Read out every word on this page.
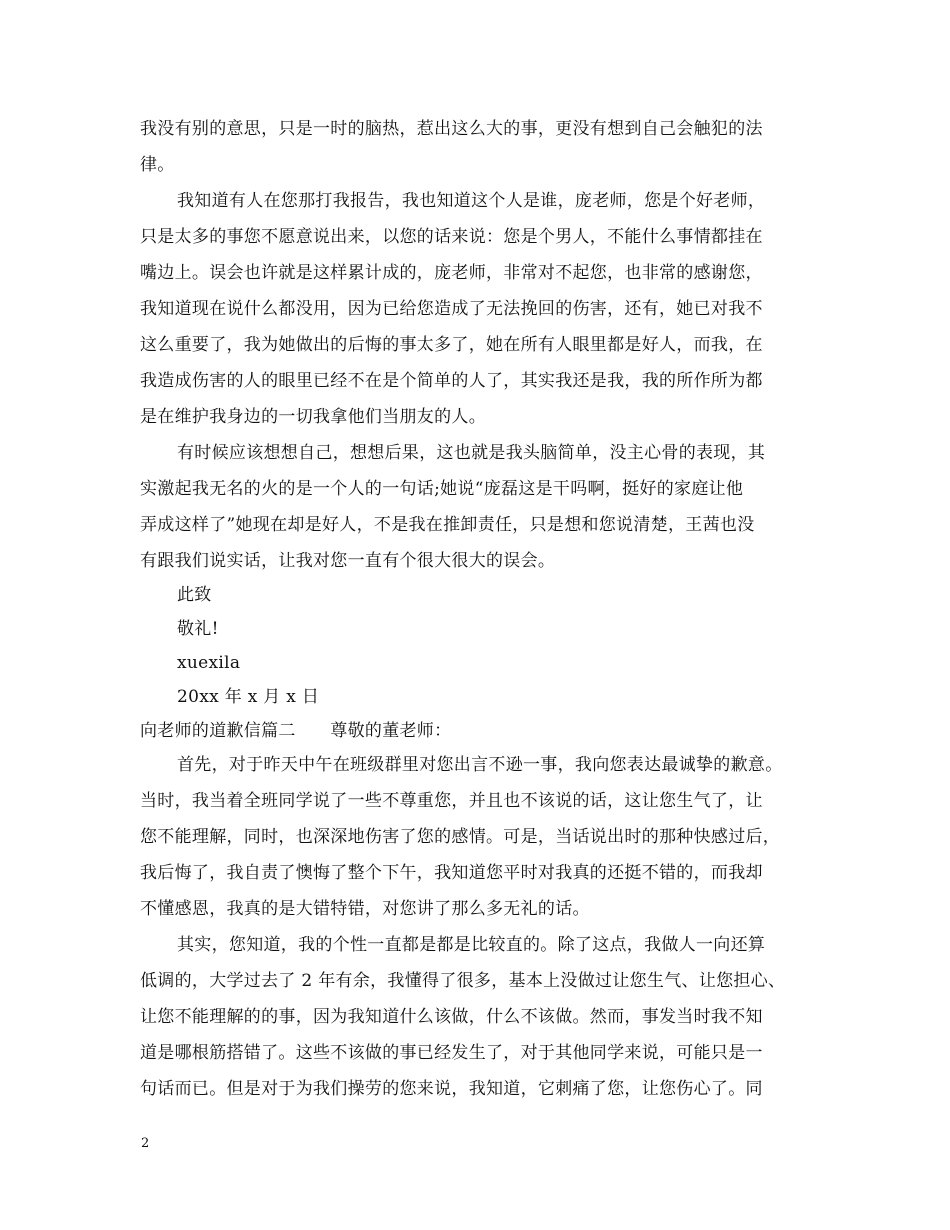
我没有别的意思，只是一时的脑热，惹出这么大的事，更没有想到自己会触犯的法
律。
我知道有人在您那打我报告，我也知道这个人是谁，庞老师，您是个好老师，
只是太多的事您不愿意说出来，以您的话来说：您是个男人，不能什么事情都挂在
嘴边上。误会也许就是这样累计成的，庞老师，非常对不起您，也非常的感谢您，
我知道现在说什么都没用，因为已给您造成了无法挽回的伤害，还有，她已对我不
这么重要了，我为她做出的后悔的事太多了，她在所有人眼里都是好人，而我，在
我造成伤害的人的眼里已经不在是个简单的人了，其实我还是我，我的所作所为都
是在维护我身边的一切我拿他们当朋友的人。
有时候应该想想自己，想想后果，这也就是我头脑简单，没主心骨的表现，其
实激起我无名的火的是一个人的一句话;她说“庞磊这是干吗啊，挺好的家庭让他
弄成这样了”她现在却是好人，不是我在推卸责任，只是想和您说清楚，王茜也没
有跟我们说实话，让我对您一直有个很大很大的误会。
此致
敬礼!
xuexila
20xx 年 x 月 x 日
向老师的道歉信篇二　　尊敬的董老师：
首先，对于昨天中午在班级群里对您出言不逊一事，我向您表达最诚挚的歉意。
当时，我当着全班同学说了一些不尊重您，并且也不该说的话，这让您生气了，让
您不能理解，同时，也深深地伤害了您的感情。可是，当话说出时的那种快感过后，
我后悔了，我自责了懊悔了整个下午，我知道您平时对我真的还挺不错的，而我却
不懂感恩，我真的是大错特错，对您讲了那么多无礼的话。
其实，您知道，我的个性一直都是都是比较直的。除了这点，我做人一向还算
低调的，大学过去了 2 年有余，我懂得了很多，基本上没做过让您生气、让您担心、
让您不能理解的的事，因为我知道什么该做，什么不该做。然而，事发当时我不知
道是哪根筋搭错了。这些不该做的事已经发生了，对于其他同学来说，可能只是一
句话而已。但是对于为我们操劳的您来说，我知道，它刺痛了您，让您伤心了。同
2
